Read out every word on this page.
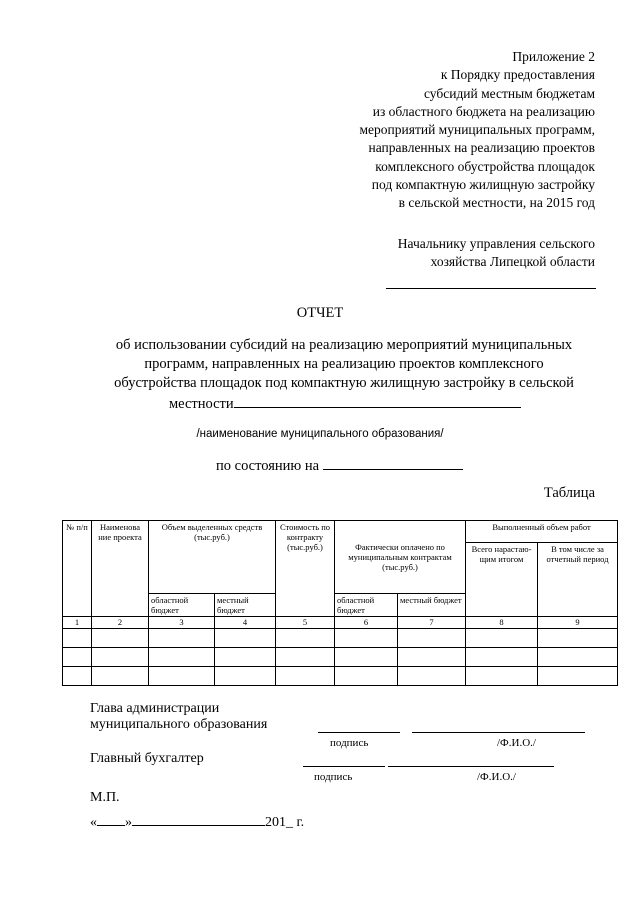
Приложение 2
к Порядку предоставления
субсидий местным бюджетам
из областного бюджета на реализацию
мероприятий муниципальных программ,
направленных на реализацию проектов
комплексного обустройства площадок
под компактную жилищную застройку
в сельской местности, на 2015 год
Начальнику управления сельского
хозяйства Липецкой области
ОТЧЕТ
об использовании субсидий на реализацию мероприятий муниципальных
программ, направленных на реализацию проектов комплексного
обустройства площадок под компактную жилищную застройку в сельской
местности
/наименование муниципального образования/
по состоянию на
Таблица
№ п/п	Наименова ние проекта	Объем выделенных средств (тыс.руб.)		Стоимость по контракту (тыс.руб.)	Фактически оплачено по муниципальным контрактам (тыс.руб.)		Выполненный объем работ	
							Всего нарастаю-щим итогом	В том числе за отчетный период
		областной бюджет	местный бюджет		областной бюджет	местный бюджет		
1	2	3	4	5	6	7	8	9

Глава администрации
муниципального образования
подпись	/Ф.И.О./
Главный бухгалтер
подпись	/Ф.И.О./
М.П.
« »	201_ г.
